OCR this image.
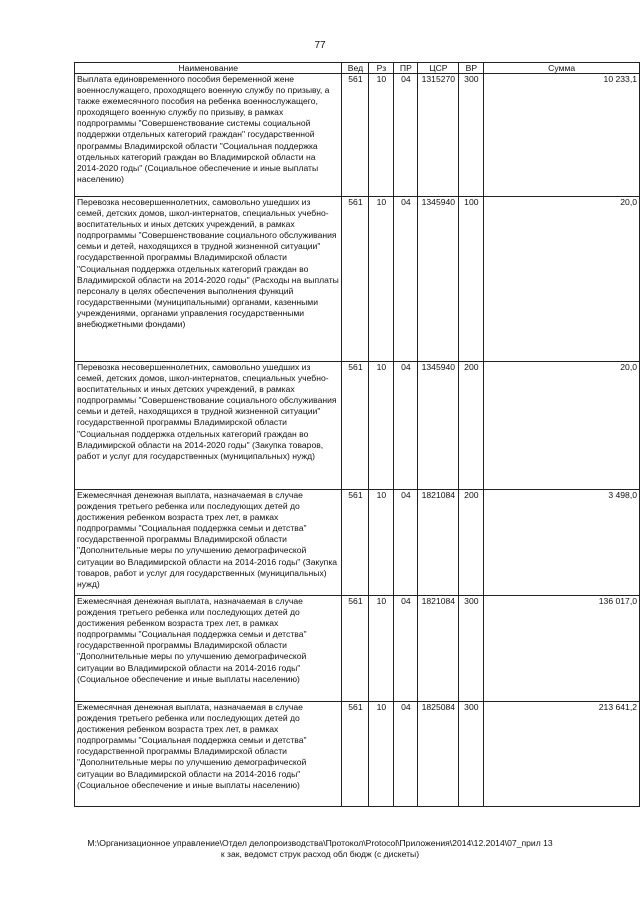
77
Наименование	Вед	Рз	ПР	ЦСР	ВР	Сумма
Выплата единовременного пособия беременной жене военнослужащего, проходящего военную службу по призыву, а также ежемесячного пособия на ребенка военнослужащего, проходящего военную службу по призыву, в рамках подпрограммы "Совершенствование системы социальной поддержки отдельных категорий граждан" государственной программы Владимирской области "Социальная поддержка отдельных категорий граждан во Владимирской области на 2014-2020 годы" (Социальное обеспечение и иные выплаты населению)	561	10	04	1315270	300	10 233,1
Перевозка несовершеннолетних, самовольно ушедших из семей, детских домов, школ-интернатов, специальных учебно-воспитательных и иных детских учреждений, в рамках подпрограммы "Совершенствование социального обслуживания семьи и детей, находящихся в трудной жизненной ситуации" государственной программы Владимирской области "Социальная поддержка отдельных категорий граждан во Владимирской области на 2014-2020 годы" (Расходы на выплаты персоналу в целях обеспечения выполнения функций государственными (муниципальными) органами, казенными учреждениями, органами управления государственными внебюджетными фондами)	561	10	04	1345940	100	20,0
Перевозка несовершеннолетних, самовольно ушедших из семей, детских домов, школ-интернатов, специальных учебно-воспитательных и иных детских учреждений, в рамках подпрограммы "Совершенствование социального обслуживания семьи и детей, находящихся в трудной жизненной ситуации" государственной программы Владимирской области "Социальная поддержка отдельных категорий граждан во Владимирской области на 2014-2020 годы" (Закупка товаров, работ и услуг для государственных (муниципальных) нужд)	561	10	04	1345940	200	20,0
Ежемесячная денежная выплата, назначаемая в случае рождения третьего ребенка или последующих детей до достижения ребенком возраста трех лет, в рамках подпрограммы "Социальная поддержка семьи и детства" государственной программы Владимирской области "Дополнительные меры по улучшению демографической ситуации во Владимирской области на 2014-2016 годы" (Закупка товаров, работ и услуг для государственных (муниципальных) нужд)	561	10	04	1821084	200	3 498,0
Ежемесячная денежная выплата, назначаемая в случае рождения третьего ребенка или последующих детей до достижения ребенком возраста трех лет, в рамках подпрограммы "Социальная поддержка семьи и детства" государственной программы Владимирской области "Дополнительные меры по улучшению демографической ситуации во Владимирской области на 2014-2016 годы" (Социальное обеспечение и иные выплаты населению)	561	10	04	1821084	300	136 017,0
Ежемесячная денежная выплата, назначаемая в случае рождения третьего ребенка или последующих детей до достижения ребенком возраста трех лет, в рамках подпрограммы "Социальная поддержка семьи и детства" государственной программы Владимирской области "Дополнительные меры по улучшению демографической ситуации во Владимирской области на 2014-2016 годы" (Социальное обеспечение и иные выплаты населению)	561	10	04	1825084	300	213 641,2
M:\Организационное управление\Отдел делопроизводства\Протокол\Protocol\Приложения\2014\12.2014\07_прил 13
к зак, ведомст струк расход обл бюдж (с дискеты)
